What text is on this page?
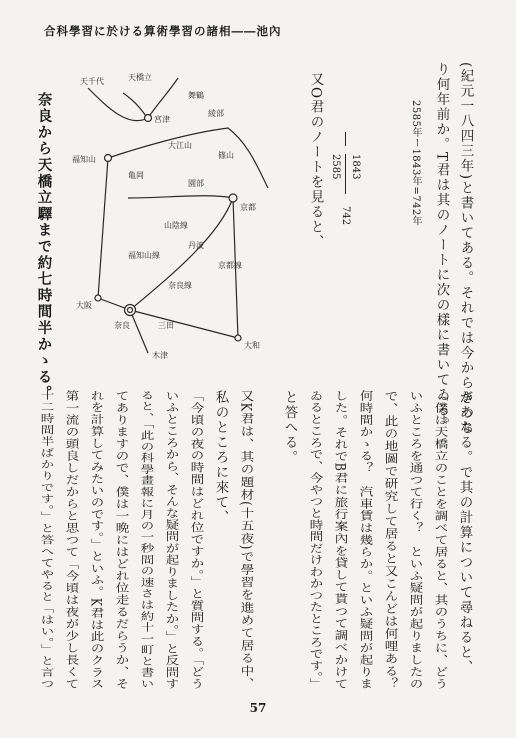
合科學習に於ける算術學習の諸相――池內
(紀元一八四三年)と書いてある。それでは今からきつち
り何年前か。T君は其のノートに次の樣に書いてゐる。
2585年ー1843年=742年
2585 1843
742
又O君のノートを見ると、
奈良から天橋立驛まで約七時間半かゝる。
天橋立
天千代
宮津
福知山
大江山
園部
京都
大阪
奈良
綾部
山陰線
京都線
奈良線
丹波
舞鶴
篠山
三田
福知山線
大和
亀岡
木津
があなる。で其の計算について尋ねると、
「僕は天橋立のことを調べて居ると、其のうちに、どう
いふところを通つて行く？　といふ疑問が起りましたの
で、此の地圖で研究して居ると又こんどは何哩ある？
何時間かゝる？　汽車賃は幾らか。といふ疑問が起りま
した。それでB君に旅行案內を貸して貰つて調べかけて
ゐるところで、今やつと時間だけわかつたところです。」
と答へる。
又K君は、其の題材(十五夜)で學習を進めて居る中、
私のところに來て、
「今頃の夜の時間はどれ位ですか。」と質問する。「どう
いふところから、そんな疑問が起りましたか。」と反問す
ると、「此の科學畫報に月の一秒間の速さは約十一町と書い
てありますので、僕は一晩にはどれ位走るだらうか、そ
れを計算してみたいのです。」といふ。K君は此のクラス
第一流の頭良しだからと思つて「今頃は夜が少し長くて
十二時間半ばかりです。」と答へてやると「はい。」と言つ
57
